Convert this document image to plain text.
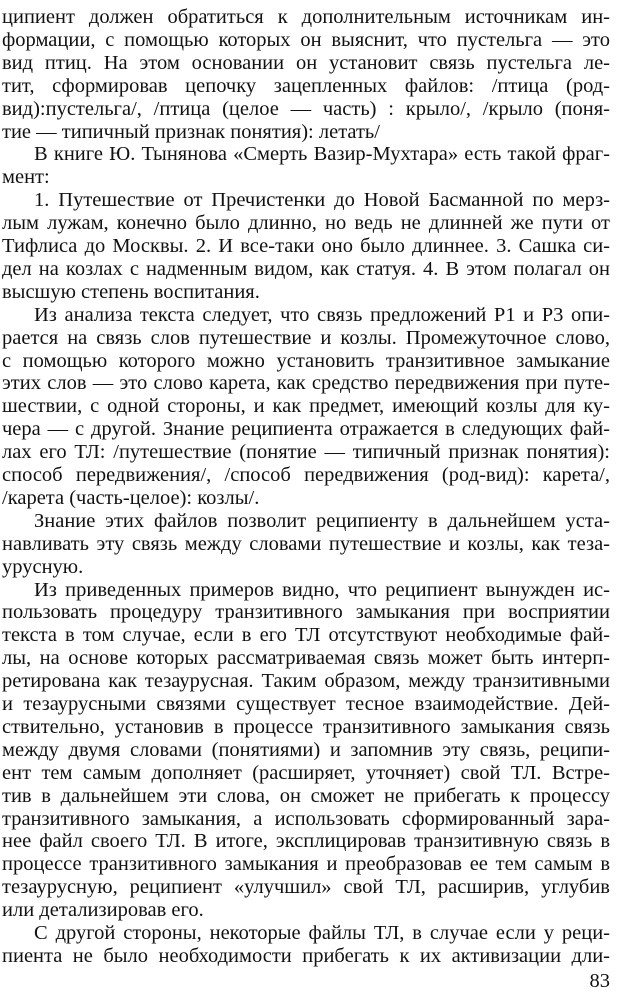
ципиент должен обратиться к дополнительным источникам ин-
формации, с помощью которых он выяснит, что пустельга — это
вид птиц. На этом основании он установит связь пустельга ле-
тит, сформировав цепочку зацепленных файлов: /птица (род-
вид):пустельга/, /птица (целое — часть) : крыло/, /крыло (поня-
тие — типичный признак понятия): летать/
В книге Ю. Тынянова «Смерть Вазир-Мухтара» есть такой фраг-
мент:
1. Путешествие от Пречистенки до Новой Басманной по мерз-
лым лужам, конечно было длинно, но ведь не длинней же пути от
Тифлиса до Москвы. 2. И все-таки оно было длиннее. 3. Сашка си-
дел на козлах с надменным видом, как статуя. 4. В этом полагал он
высшую степень воспитания.
Из анализа текста следует, что связь предложений P1 и P3 опи-
рается на связь слов путешествие и козлы. Промежуточное слово,
с помощью которого можно установить транзитивное замыкание
этих слов — это слово карета, как средство передвижения при путе-
шествии, с одной стороны, и как предмет, имеющий козлы для ку-
чера — с другой. Знание реципиента отражается в следующих фай-
лах его ТЛ: /путешествие (понятие — типичный признак понятия):
способ передвижения/, /способ передвижения (род-вид): карета/,
/карета (часть-целое): козлы/.
Знание этих файлов позволит реципиенту в дальнейшем уста-
навливать эту связь между словами путешествие и козлы, как теза-
урусную.
Из приведенных примеров видно, что реципиент вынужден ис-
пользовать процедуру транзитивного замыкания при восприятии
текста в том случае, если в его ТЛ отсутствуют необходимые фай-
лы, на основе которых рассматриваемая связь может быть интерп-
ретирована как тезаурусная. Таким образом, между транзитивными
и тезаурусными связями существует тесное взаимодействие. Дей-
ствительно, установив в процессе транзитивного замыкания связь
между двумя словами (понятиями) и запомнив эту связь, реципи-
ент тем самым дополняет (расширяет, уточняет) свой ТЛ. Встре-
тив в дальнейшем эти слова, он сможет не прибегать к процессу
транзитивного замыкания, а использовать сформированный зара-
нее файл своего ТЛ. В итоге, эксплицировав транзитивную связь в
процессе транзитивного замыкания и преобразовав ее тем самым в
тезаурусную, реципиент «улучшил» свой ТЛ, расширив, углубив
или детализировав его.
С другой стороны, некоторые файлы ТЛ, в случае если у реци-
пиента не было необходимости прибегать к их активизации дли-
83
